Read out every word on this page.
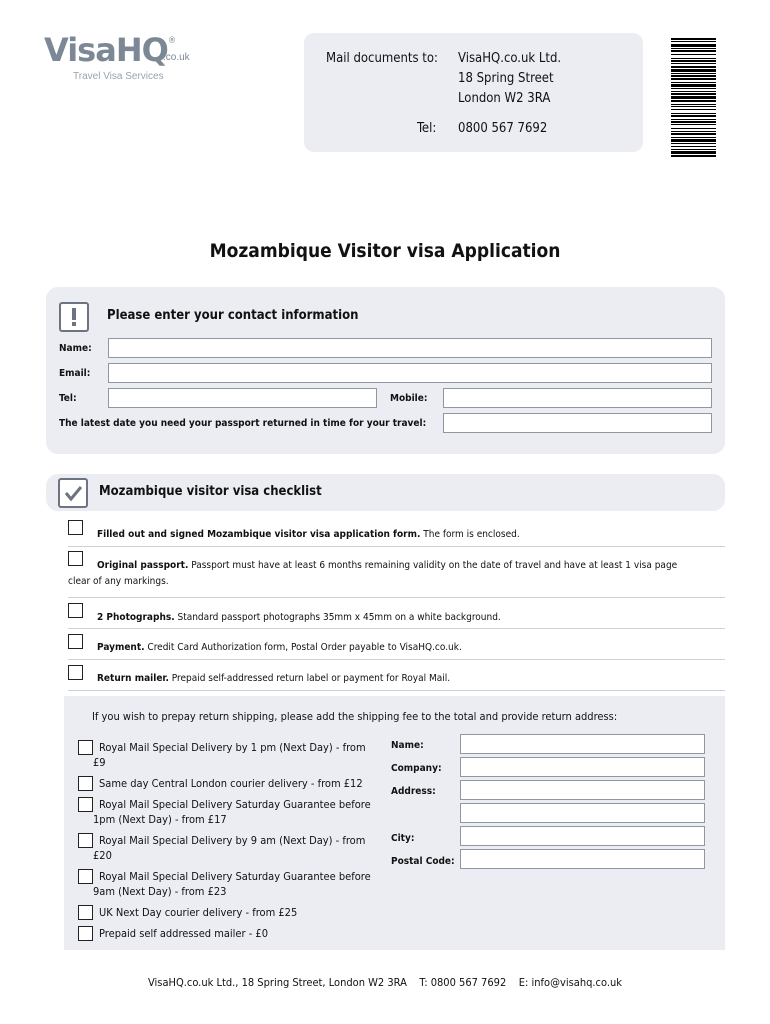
VisaHQ ®
.co.uk
Travel Visa Services
Mail documents to: VisaHQ.co.uk Ltd.
18 Spring Street
London W2 3RA
Tel: 0800 567 7692
Mozambique Visitor visa Application
Please enter your contact information
Name:
Email:
Tel:	Mobile:
The latest date you need your passport returned in time for your travel:
Mozambique visitor visa checklist
Filled out and signed Mozambique visitor visa application form. The form is enclosed.
Original passport. Passport must have at least 6 months remaining validity on the date of travel and have at least 1 visa page
clear of any markings.
2 Photographs. Standard passport photographs 35mm x 45mm on a white background.
Payment. Credit Card Authorization form, Postal Order payable to VisaHQ.co.uk.
Return mailer. Prepaid self-addressed return label or payment for Royal Mail.
If you wish to prepay return shipping, please add the shipping fee to the total and provide return address:
Royal Mail Special Delivery by 1 pm (Next Day) - from
£9
Same day Central London courier delivery - from £12
Royal Mail Special Delivery Saturday Guarantee before
1pm (Next Day) - from £17
Royal Mail Special Delivery by 9 am (Next Day) - from
£20
Royal Mail Special Delivery Saturday Guarantee before
9am (Next Day) - from £23
UK Next Day courier delivery - from £25
Prepaid self addressed mailer - £0
Name:
Company:
Address:
City:
Postal Code:
VisaHQ.co.uk Ltd., 18 Spring Street, London W2 3RA    T: 0800 567 7692    E: info@visahq.co.uk
